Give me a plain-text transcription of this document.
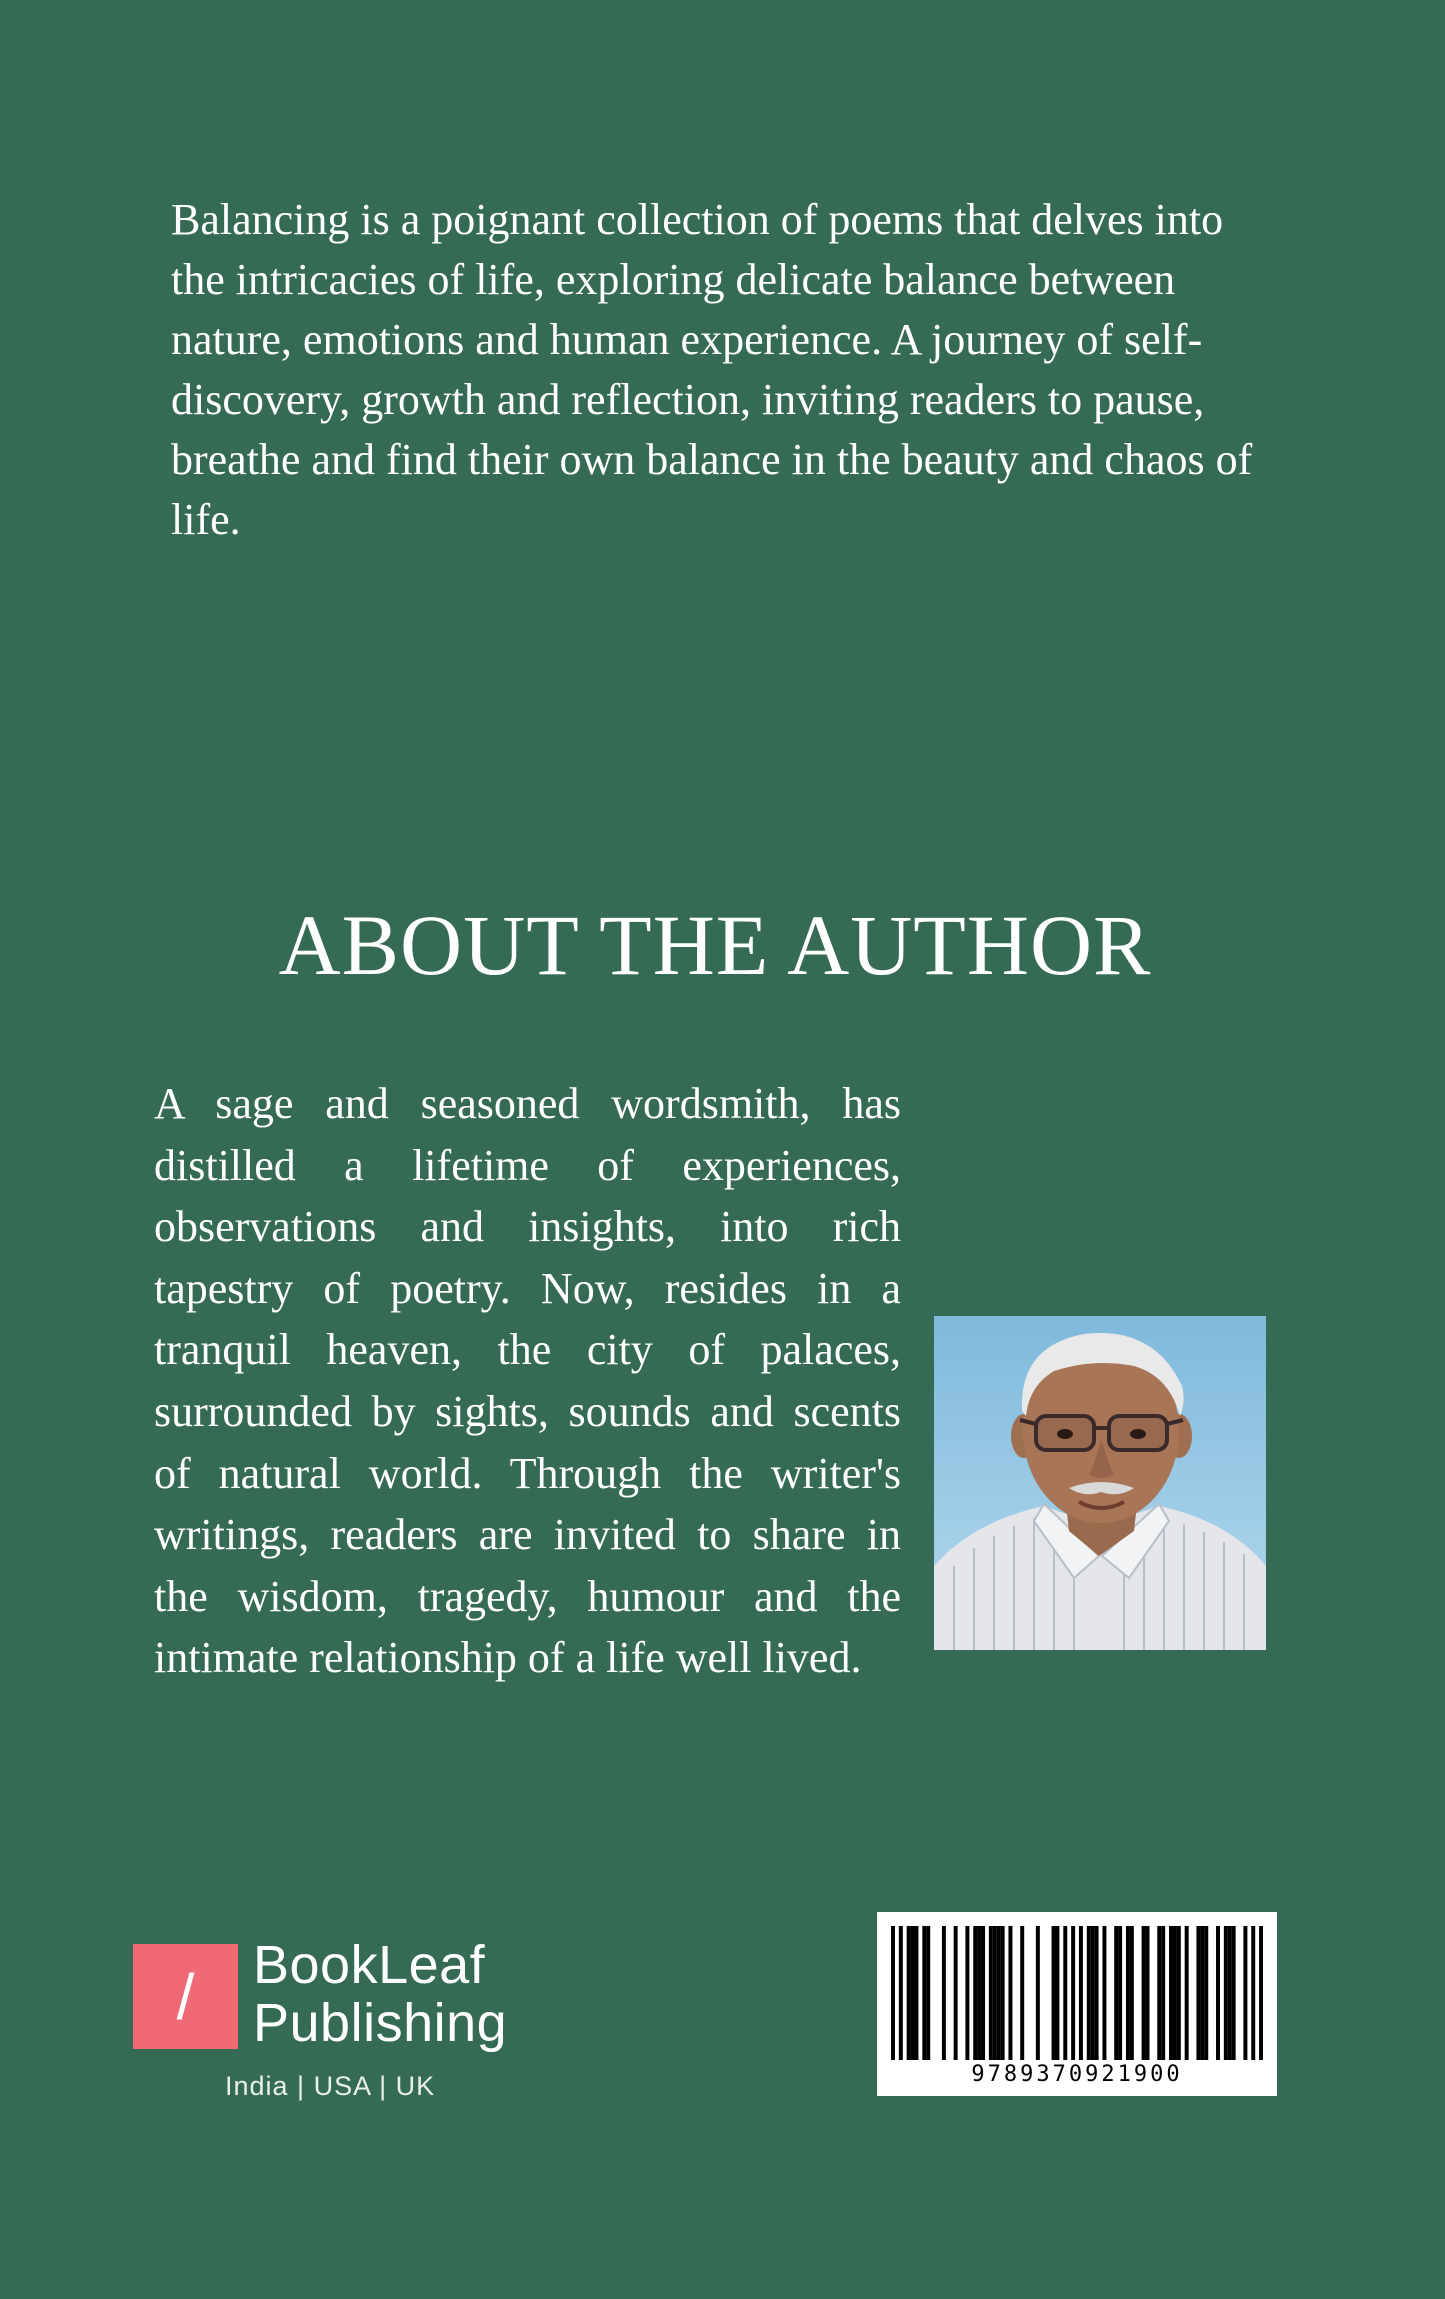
Balancing is a poignant collection of poems that delves into the intricacies of life, exploring delicate balance between nature, emotions and human experience. A journey of self-discovery, growth and reflection, inviting readers to pause, breathe and find their own balance in the beauty and chaos of life.

ABOUT THE AUTHOR

A sage and seasoned wordsmith, has distilled a lifetime of experiences, observations and insights, into rich tapestry of poetry. Now, resides in a tranquil heaven, the city of palaces, surrounded by sights, sounds and scents of natural world. Through the writer's writings, readers are invited to share in the wisdom, tragedy, humour and the intimate relationship of a life well lived.

/	BookLeaf
Publishing
India | USA | UK	9789370921900
